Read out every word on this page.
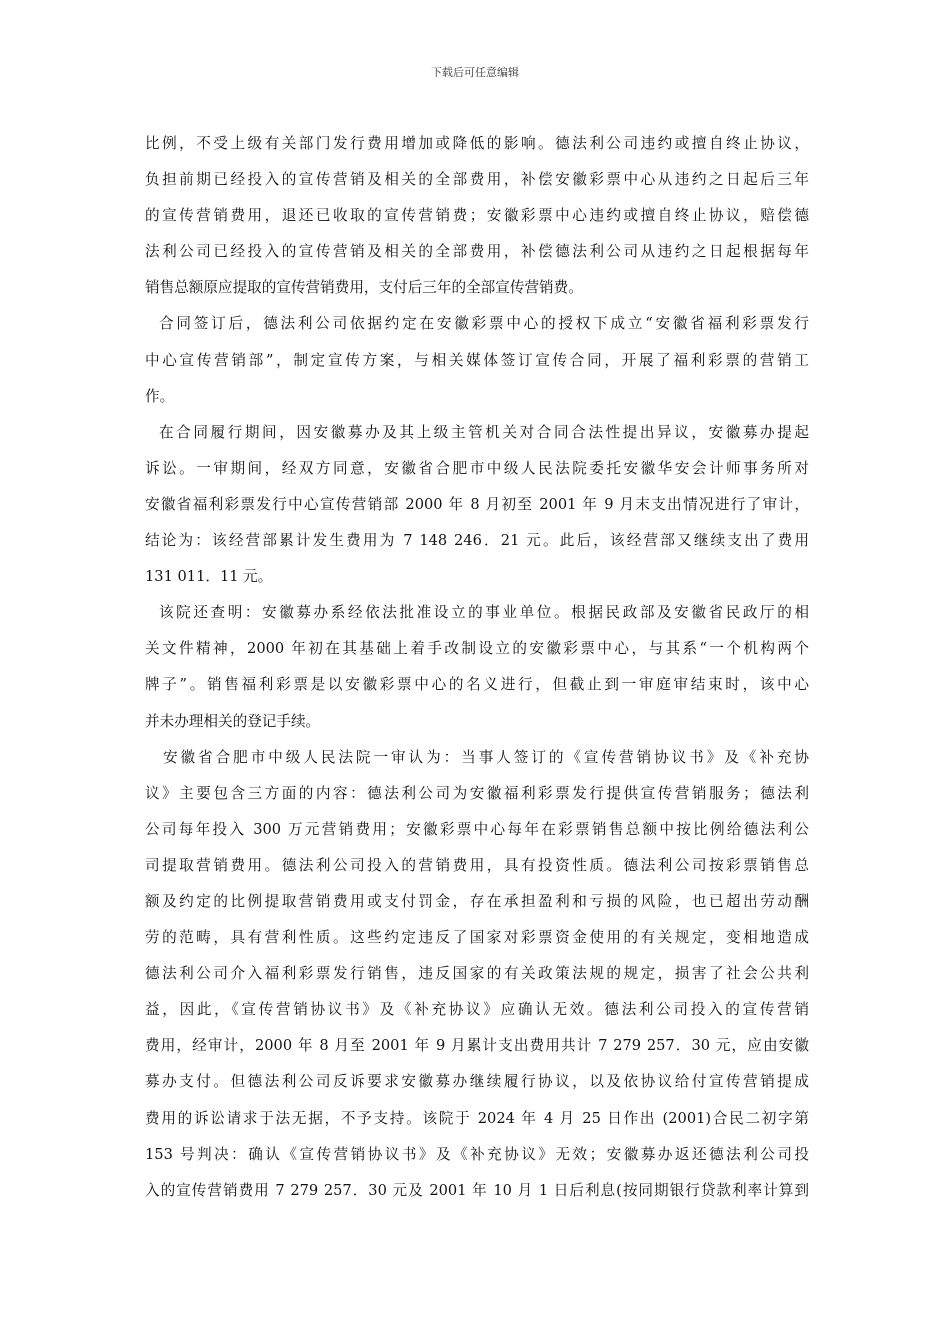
下载后可任意编辑
比例，不受上级有关部门发行费用增加或降低的影响。德法利公司违约或擅自终止协议，
负担前期已经投入的宣传营销及相关的全部费用，补偿安徽彩票中心从违约之日起后三年
的宣传营销费用，退还已收取的宣传营销费；安徽彩票中心违约或擅自终止协议，赔偿德
法利公司已经投入的宣传营销及相关的全部费用，补偿德法利公司从违约之日起根据每年
销售总额原应提取的宣传营销费用，支付后三年的全部宣传营销费。
合同签订后，德法利公司依据约定在安徽彩票中心的授权下成立“安徽省福利彩票发行
中心宣传营销部”，制定宣传方案，与相关媒体签订宣传合同，开展了福利彩票的营销工
作。
在合同履行期间，因安徽募办及其上级主管机关对合同合法性提出异议，安徽募办提起
诉讼。一审期间，经双方同意，安徽省合肥市中级人民法院委托安徽华安会计师事务所对
安徽省福利彩票发行中心宣传营销部 2000 年 8 月初至 2001 年 9 月末支出情况进行了审计，
结论为：该经营部累计发生费用为 7 148 246．21 元。此后，该经营部又继续支出了费用
131 011．11 元。
该院还查明：安徽募办系经依法批准设立的事业单位。根据民政部及安徽省民政厅的相
关文件精神，2000 年初在其基础上着手改制设立的安徽彩票中心，与其系“一个机构两个
牌子”。销售福利彩票是以安徽彩票中心的名义进行，但截止到一审庭审结束时，该中心
并未办理相关的登记手续。
安徽省合肥市中级人民法院一审认为：当事人签订的《宣传营销协议书》及《补充协
议》主要包含三方面的内容：德法利公司为安徽福利彩票发行提供宣传营销服务；德法利
公司每年投入 300 万元营销费用；安徽彩票中心每年在彩票销售总额中按比例给德法利公
司提取营销费用。德法利公司投入的营销费用，具有投资性质。德法利公司按彩票销售总
额及约定的比例提取营销费用或支付罚金，存在承担盈利和亏损的风险，也已超出劳动酬
劳的范畴，具有营利性质。这些约定违反了国家对彩票资金使用的有关规定，变相地造成
德法利公司介入福利彩票发行销售，违反国家的有关政策法规的规定，损害了社会公共利
益，因此，《宣传营销协议书》及《补充协议》应确认无效。德法利公司投入的宣传营销
费用，经审计，2000 年 8 月至 2001 年 9 月累计支出费用共计 7 279 257．30 元，应由安徽
募办支付。但德法利公司反诉要求安徽募办继续履行协议，以及依协议给付宣传营销提成
费用的诉讼请求于法无据，不予支持。该院于 2024 年 4 月 25 日作出 (2001)合民二初字第
153 号判决：确认《宣传营销协议书》及《补充协议》无效；安徽募办返还德法利公司投
入的宣传营销费用 7 279 257．30 元及 2001 年 10 月 1 日后利息(按同期银行贷款利率计算到
